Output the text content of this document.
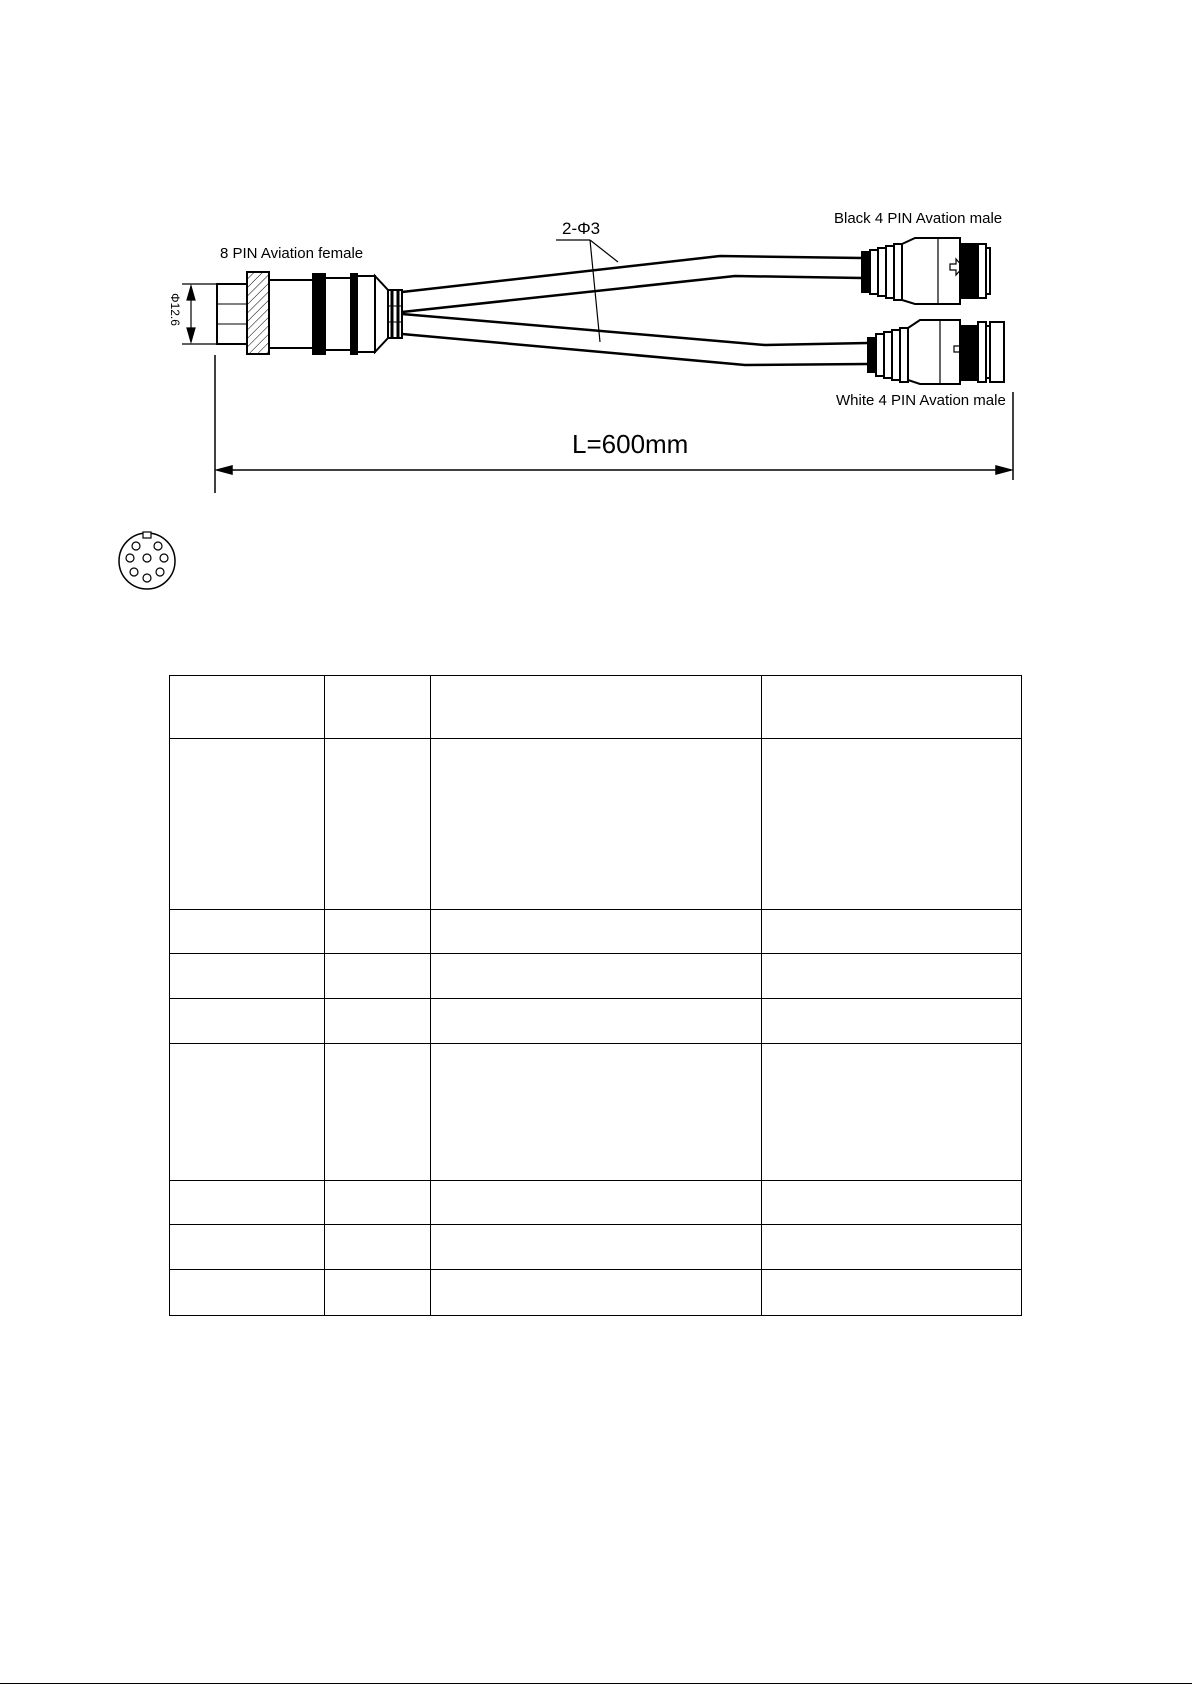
2-Φ3
8 PIN Aviation female
Black 4 PIN Avation male
White 4 PIN Avation male
Φ12.6
L=600mm
